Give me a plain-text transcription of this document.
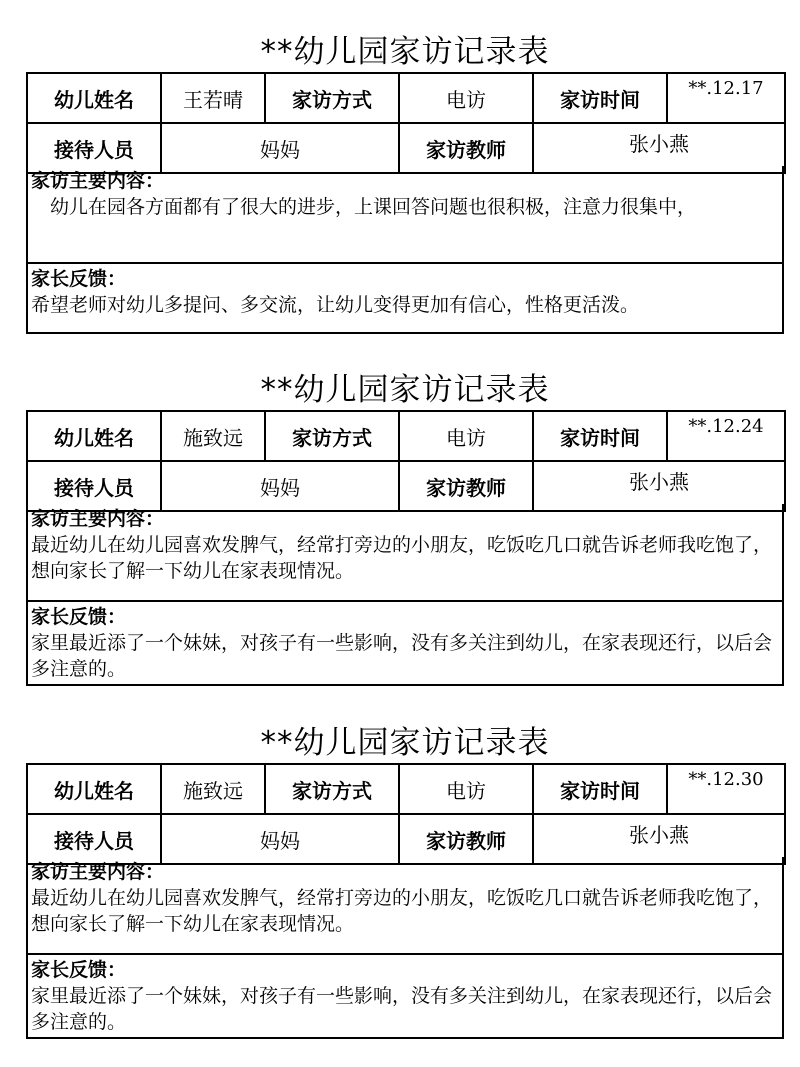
**幼儿园家访记录表
幼儿姓名	王若晴	家访方式	电访	家访时间	**.12.17
接待人员	妈妈		家访教师	张小燕	
家访主要内容：
　幼儿在园各方面都有了很大的进步，上课回答问题也很积极，注意力很集中，
家长反馈：
希望老师对幼儿多提问、多交流，让幼儿变得更加有信心，性格更活泼。
**幼儿园家访记录表
幼儿姓名	施致远	家访方式	电访	家访时间	**.12.24
接待人员	妈妈		家访教师	张小燕	
家访主要内容：
最近幼儿在幼儿园喜欢发脾气，经常打旁边的小朋友，吃饭吃几口就告诉老师我吃饱了，想向家长了解一下幼儿在家表现情况。
家长反馈：
家里最近添了一个妹妹，对孩子有一些影响，没有多关注到幼儿，在家表现还行，以后会多注意的。
**幼儿园家访记录表
幼儿姓名	施致远	家访方式	电访	家访时间	**.12.30
接待人员	妈妈		家访教师	张小燕	
家访主要内容：
最近幼儿在幼儿园喜欢发脾气，经常打旁边的小朋友，吃饭吃几口就告诉老师我吃饱了，想向家长了解一下幼儿在家表现情况。
家长反馈：
家里最近添了一个妹妹，对孩子有一些影响，没有多关注到幼儿，在家表现还行，以后会多注意的。
